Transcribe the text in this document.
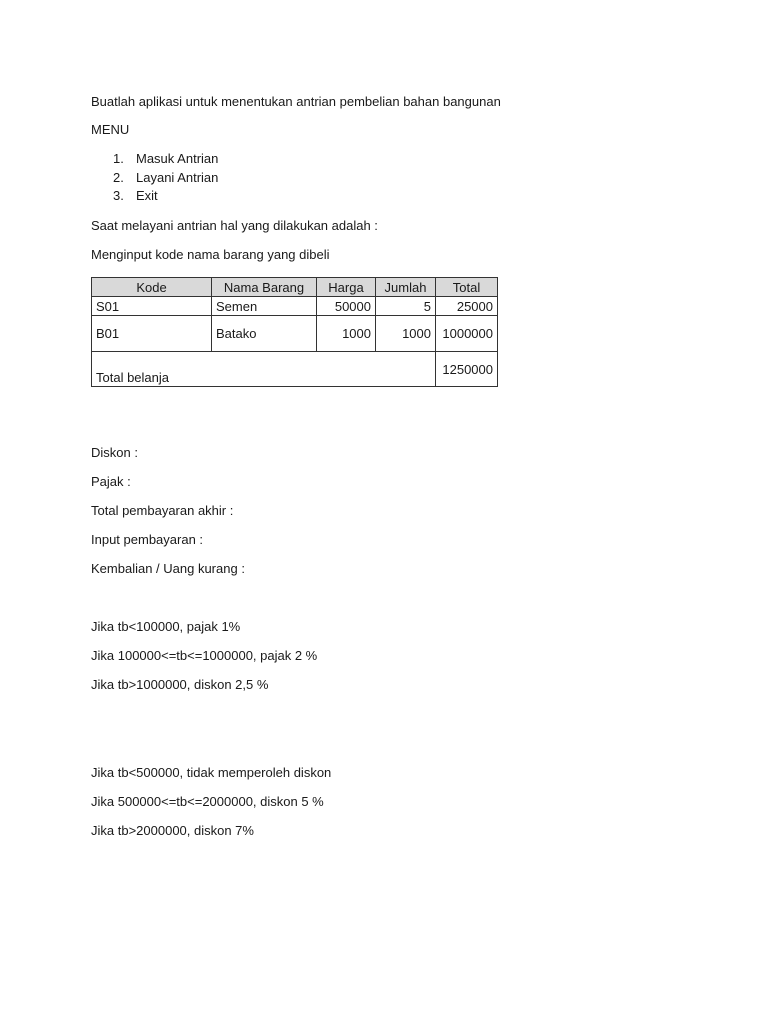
Buatlah aplikasi untuk menentukan antrian pembelian bahan bangunan
MENU
1. Masuk Antrian
2. Layani Antrian
3. Exit
Saat melayani antrian hal yang dilakukan adalah :
Menginput kode nama barang yang dibeli
Kode	Nama Barang	Harga	Jumlah	Total
S01	Semen	50000	5	25000
B01	Batako	1000	1000	1000000
Total belanja				1250000
Diskon :
Pajak :
Total pembayaran akhir :
Input pembayaran :
Kembalian / Uang kurang :
Jika tb<100000, pajak 1%
Jika 100000<=tb<=1000000, pajak 2 %
Jika tb>1000000, diskon 2,5 %
Jika tb<500000, tidak memperoleh diskon
Jika 500000<=tb<=2000000, diskon 5 %
Jika tb>2000000, diskon 7%
